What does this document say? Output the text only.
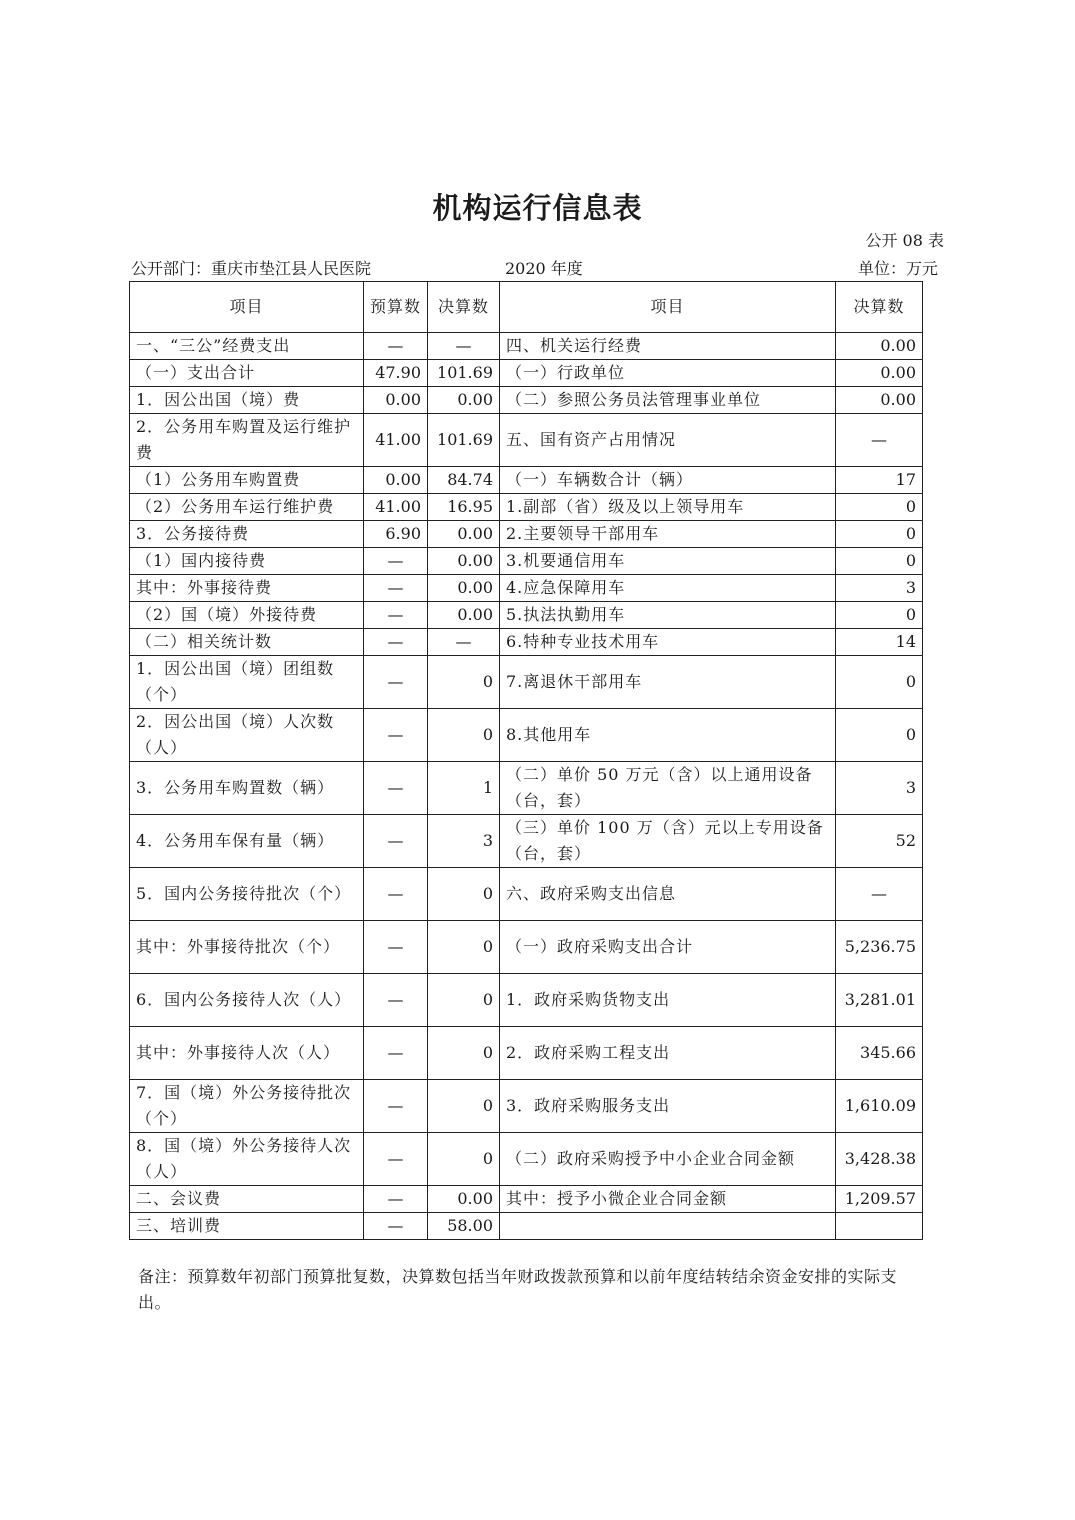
机构运行信息表
公开 08 表
公开部门：重庆市垫江县人民医院	2020 年度	单位：万元
项目	预算数	决算数	项目	决算数
一、“三公”经费支出	—	—	四、机关运行经费	0.00
（一）支出合计	47.90	101.69	（一）行政单位	0.00
1．因公出国（境）费	0.00	0.00	（二）参照公务员法管理事业单位	0.00
2．公务用车购置及运行维护费	41.00	101.69	五、国有资产占用情况	—
（1）公务用车购置费	0.00	84.74	（一）车辆数合计（辆）	17
（2）公务用车运行维护费	41.00	16.95	1.副部（省）级及以上领导用车	0
3．公务接待费	6.90	0.00	2.主要领导干部用车	0
（1）国内接待费	—	0.00	3.机要通信用车	0
其中：外事接待费	—	0.00	4.应急保障用车	3
（2）国（境）外接待费	—	0.00	5.执法执勤用车	0
（二）相关统计数	—	—	6.特种专业技术用车	14
1．因公出国（境）团组数（个）	—	0	7.离退休干部用车	0
2．因公出国（境）人次数（人）	—	0	8.其他用车	0
3．公务用车购置数（辆）	—	1	（二）单价 50 万元（含）以上通用设备（台，套）	3
4．公务用车保有量（辆）	—	3	（三）单价 100 万（含）元以上专用设备（台，套）	52
5．国内公务接待批次（个）	—	0	六、政府采购支出信息	—
其中：外事接待批次（个）	—	0	（一）政府采购支出合计	5,236.75
6．国内公务接待人次（人）	—	0	1．政府采购货物支出	3,281.01
其中：外事接待人次（人）	—	0	2．政府采购工程支出	345.66
7．国（境）外公务接待批次（个）	—	0	3．政府采购服务支出	1,610.09
8．国（境）外公务接待人次（人）	—	0	（二）政府采购授予中小企业合同金额	3,428.38
二、会议费	—	0.00	其中：授予小微企业合同金额	1,209.57
三、培训费	—	58.00		
备注：预算数年初部门预算批复数，决算数包括当年财政拨款预算和以前年度结转结余资金安排的实际支出。
